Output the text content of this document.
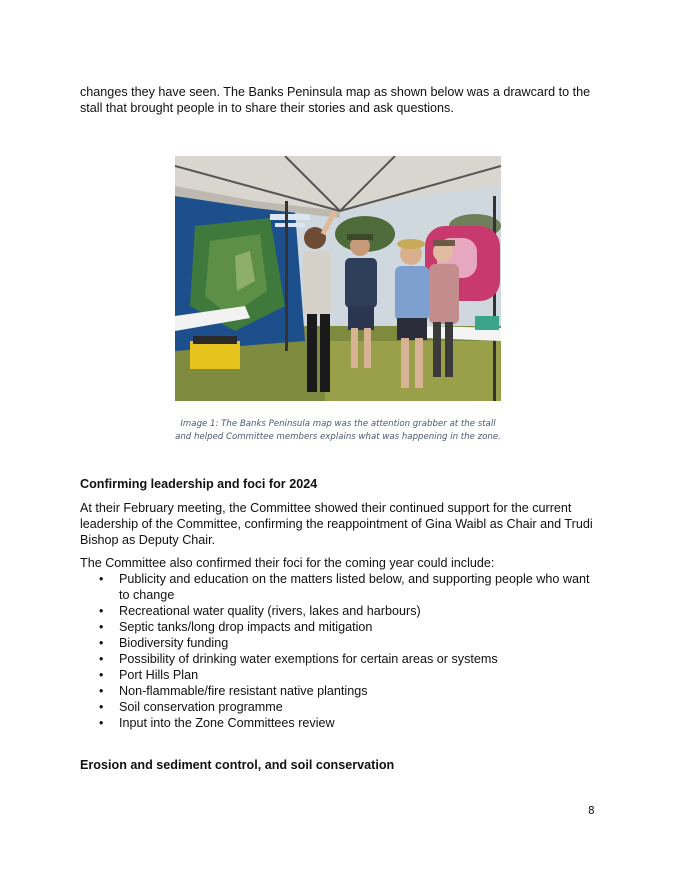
changes they have seen. The Banks Peninsula map as shown below was a drawcard to the stall that brought people in to share their stories and ask questions.

Image 1: The Banks Peninsula map was the attention grabber at the stall
and helped Committee members explains what was happening in the zone.
Confirming leadership and foci for 2024

At their February meeting, the Committee showed their continued support for the current leadership of the Committee, confirming the reappointment of Gina Waibl as Chair and Trudi Bishop as Deputy Chair.

The Committee also confirmed their foci for the coming year could include:

• Publicity and education on the matters listed below, and supporting people who want to change
• Recreational water quality (rivers, lakes and harbours)
• Septic tanks/long drop impacts and mitigation
• Biodiversity funding
• Possibility of drinking water exemptions for certain areas or systems
• Port Hills Plan
• Non-flammable/fire resistant native plantings
• Soil conservation programme
• Input into the Zone Committees review
Erosion and sediment control, and soil conservation
8
